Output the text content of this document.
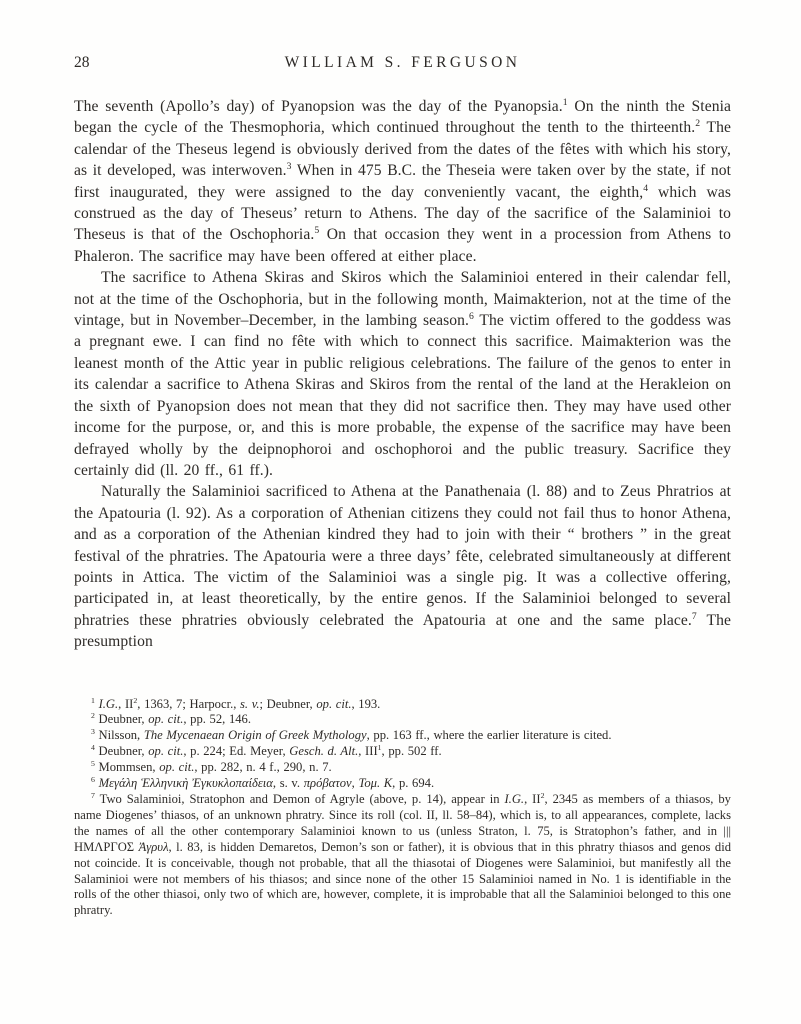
28	WILLIAM S. FERGUSON

The seventh (Apollo’s day) of Pyanopsion was the day of the Pyanopsia.$^1$ On the ninth the Stenia began the cycle of the Thesmophoria, which continued throughout the tenth to the thirteenth.$^2$ The calendar of the Theseus legend is obviously derived from the dates of the fêtes with which his story, as it developed, was interwoven.$^3$ When in 475 B.C. the Theseia were taken over by the state, if not first inaugurated, they were assigned to the day conveniently vacant, the eighth,$^4$ which was construed as the day of Theseus’ return to Athens. The day of the sacrifice of the Salaminioi to Theseus is that of the Oschophoria.$^5$ On that occasion they went in a procession from Athens to Phaleron. The sacrifice may have been offered at either place.

The sacrifice to Athena Skiras and Skiros which the Salaminioi entered in their calendar fell, not at the time of the Oschophoria, but in the following month, Maimakterion, not at the time of the vintage, but in November–December, in the lambing season.$^6$ The victim offered to the goddess was a pregnant ewe. I can find no fête with which to connect this sacrifice. Maimakterion was the leanest month of the Attic year in public religious celebrations. The failure of the genos to enter in its calendar a sacrifice to Athena Skiras and Skiros from the rental of the land at the Herakleion on the sixth of Pyanopsion does not mean that they did not sacrifice then. They may have used other income for the purpose, or, and this is more probable, the expense of the sacrifice may have been defrayed wholly by the deipnophoroi and oschophoroi and the public treasury. Sacrifice they certainly did (ll. 20 ff., 61 ff.).

Naturally the Salaminioi sacrificed to Athena at the Panathenaia (l. 88) and to Zeus Phratrios at the Apatouria (l. 92). As a corporation of Athenian citizens they could not fail thus to honor Athena, and as a corporation of the Athenian kindred they had to join with their “ brothers ” in the great festival of the phratries. The Apatouria were a three days’ fête, celebrated simultaneously at different points in Attica. The victim of the Salaminioi was a single pig. It was a collective offering, participated in, at least theoretically, by the entire genos. If the Salaminioi belonged to several phratries these phratries obviously celebrated the Apatouria at one and the same place.$^7$ The presumption

$^1$ I.G., $II^2$, 1363, 7; Harpocr., s. v.; Deubner, op. cit., 193.

$^2$ Deubner, op. cit., pp. 52, 146.

$^3$ Nilsson, The Mycenaean Origin of Greek Mythology, pp. 163 ff., where the earlier literature is cited.

$^4$ Deubner, op. cit., p. 224; Ed. Meyer, Gesch. d. Alt., III$^1$, pp. 502 ff.

$^5$ Mommsen, op. cit., pp. 282, n. 4 f., 290, n. 7.

$^6$ Μεγάλη Ἑλληνικὴ Ἐγκυκλοπαίδεια, s. v. πρόβατον, Τομ. Κ, p. 694.

$^7$ Two Salaminioi, Stratophon and Demon of Agryle (above, p. 14), appear in I.G., $II^2$, 2345 as members of a thiasos, by name Diogenes’ thiasos, of an unknown phratry. Since its roll (col. II, ll. 58–84), which is, to all appearances, complete, lacks the names of all the other contemporary Salaminioi known to us (unless Straton, l. 75, is Stratophon’s father, and in |||ΗΜΛΡΓΟΣ Ἀγρυλ, l. 83, is hidden Demaretos, Demon’s son or father), it is obvious that in this phratry thiasos and genos did not coincide. It is conceivable, though not probable, that all the thiasotai of Diogenes were Salaminioi, but manifestly all the Salaminioi were not members of his thiasos; and since none of the other 15 Salaminioi named in No. 1 is identifiable in the rolls of the other thiasoi, only two of which are, however, complete, it is improbable that all the Salaminioi belonged to this one phratry.
